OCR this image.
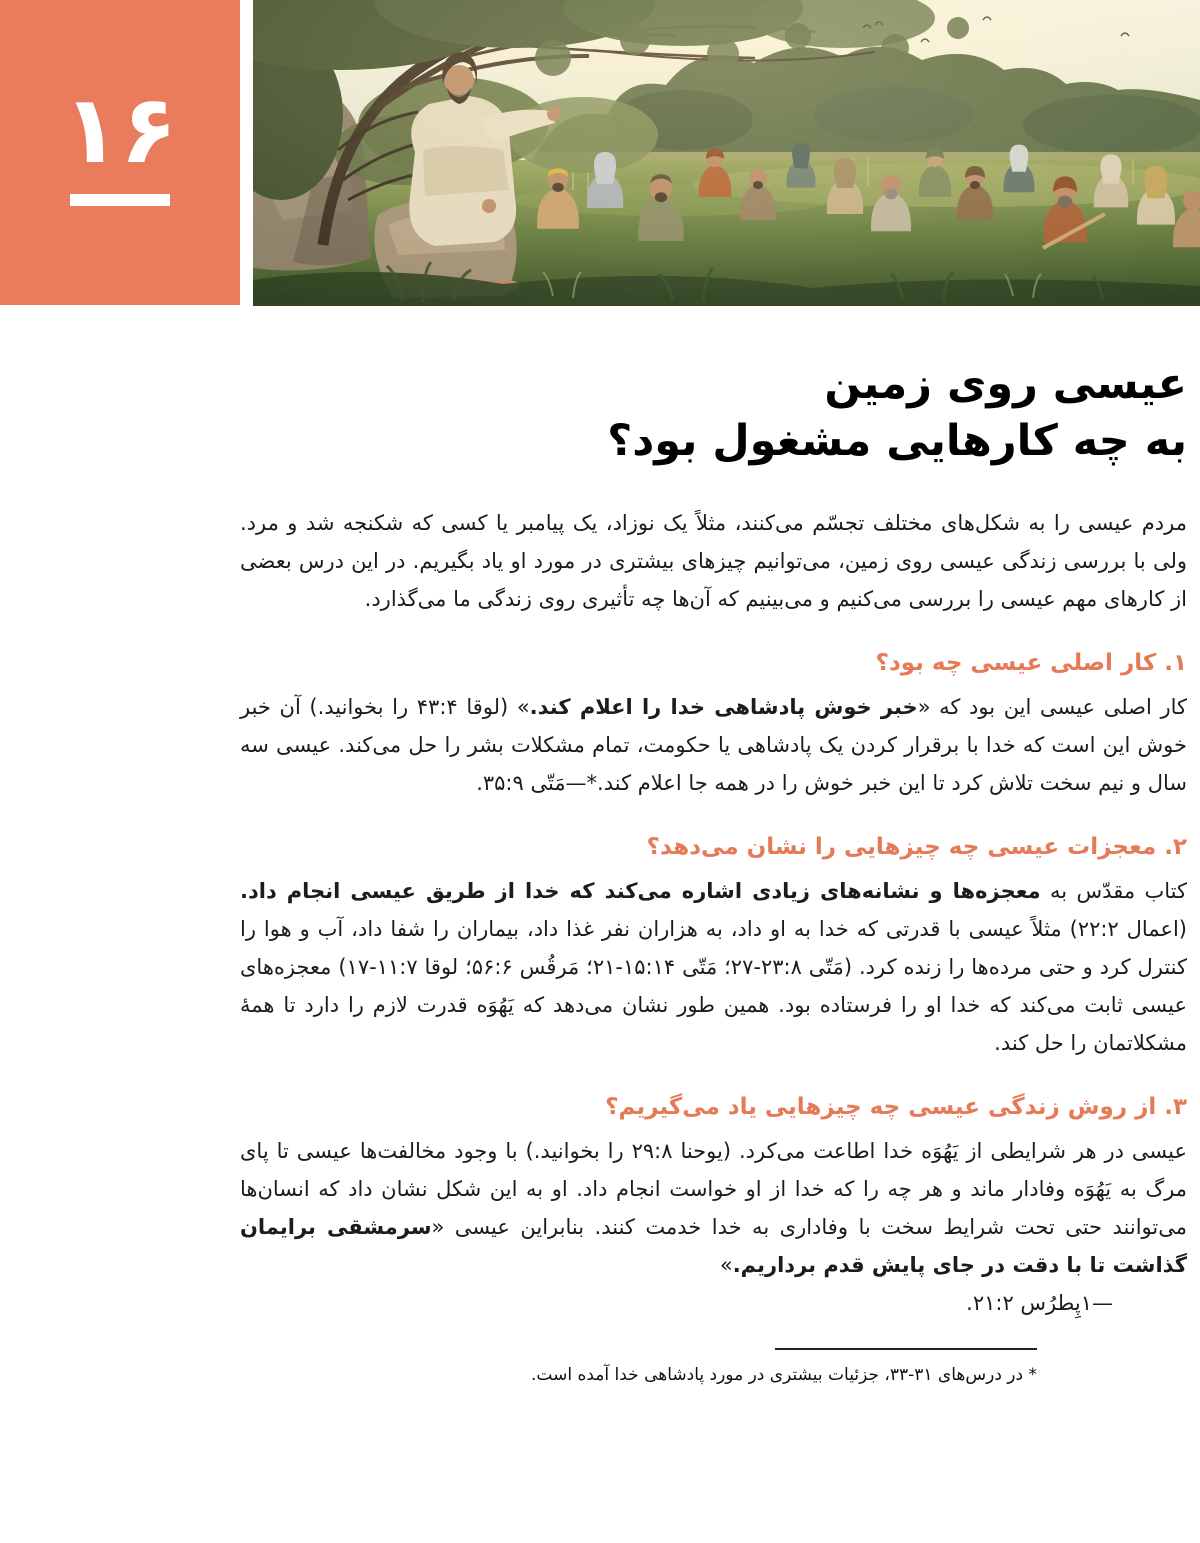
۱۶
عیسی روی زمین
به چه کارهایی مشغول بود؟

مردم عیسی را به شکل‌های مختلف تجسّم می‌کنند، مثلاً یک نوزاد، یک پیامبر یا کسی که شکنجه شد و مرد. ولی با بررسی زندگی عیسی روی زمین، می‌توانیم چیزهای بیشتری در مورد او یاد بگیریم. در این درس بعضی از کارهای مهم عیسی را بررسی می‌کنیم و می‌بینیم که آن‌ها چه تأثیری روی زندگی ما می‌گذارد.

۱. کار اصلی عیسی چه بود؟

کار اصلی عیسی این بود که «خبر خوش پادشاهی خدا را اعلام کند.» (لوقا ۴۳:۴ را بخوانید.) آن خبر خوش این است که خدا با برقرار کردن یک پادشاهی یا حکومت، تمام مشکلات بشر را حل می‌کند. عیسی سه سال و نیم سخت تلاش کرد تا این خبر خوش را در همه جا اعلام کند.*—مَتّی ۳۵:۹.

۲. معجزات عیسی چه چیزهایی را نشان می‌دهد؟

کتاب مقدّس به معجزه‌ها و نشانه‌های زیادی اشاره می‌کند که خدا از طریق عیسی انجام داد. (اعمال ۲۲:۲) مثلاً عیسی با قدرتی که خدا به او داد، به هزاران نفر غذا داد، بیماران را شفا داد، آب و هوا را کنترل کرد و حتی مرده‌ها را زنده کرد. (مَتّی ۲۳:۸-۲۷؛ مَتّی ۱۵:۱۴-۲۱؛ مَرقُس ۵۶:۶؛ لوقا ۱۱:۷-۱۷) معجزه‌های عیسی ثابت می‌کند که خدا او را فرستاده بود. همین طور نشان می‌دهد که یَهُوَه قدرت لازم را دارد تا همهٔ مشکلاتمان را حل کند.

۳. از روش زندگی عیسی چه چیزهایی یاد می‌گیریم؟

عیسی در هر شرایطی از یَهُوَه خدا اطاعت می‌کرد. (یوحنا ۲۹:۸ را بخوانید.) با وجود مخالفت‌ها عیسی تا پای مرگ به یَهُوَه وفادار ماند و هر چه را که خدا از او خواست انجام داد. او به این شکل نشان داد که انسان‌ها می‌توانند حتی تحت شرایط سخت با وفاداری به خدا خدمت کنند. بنابراین عیسی «سرمشقی برایمان گذاشت تا با دقت در جای پایش قدم برداریم.»

—۱پِطرُس ۲۱:۲.

* در درس‌های ۳۱-۳۳، جزئیات بیشتری در مورد پادشاهی خدا آمده است.
